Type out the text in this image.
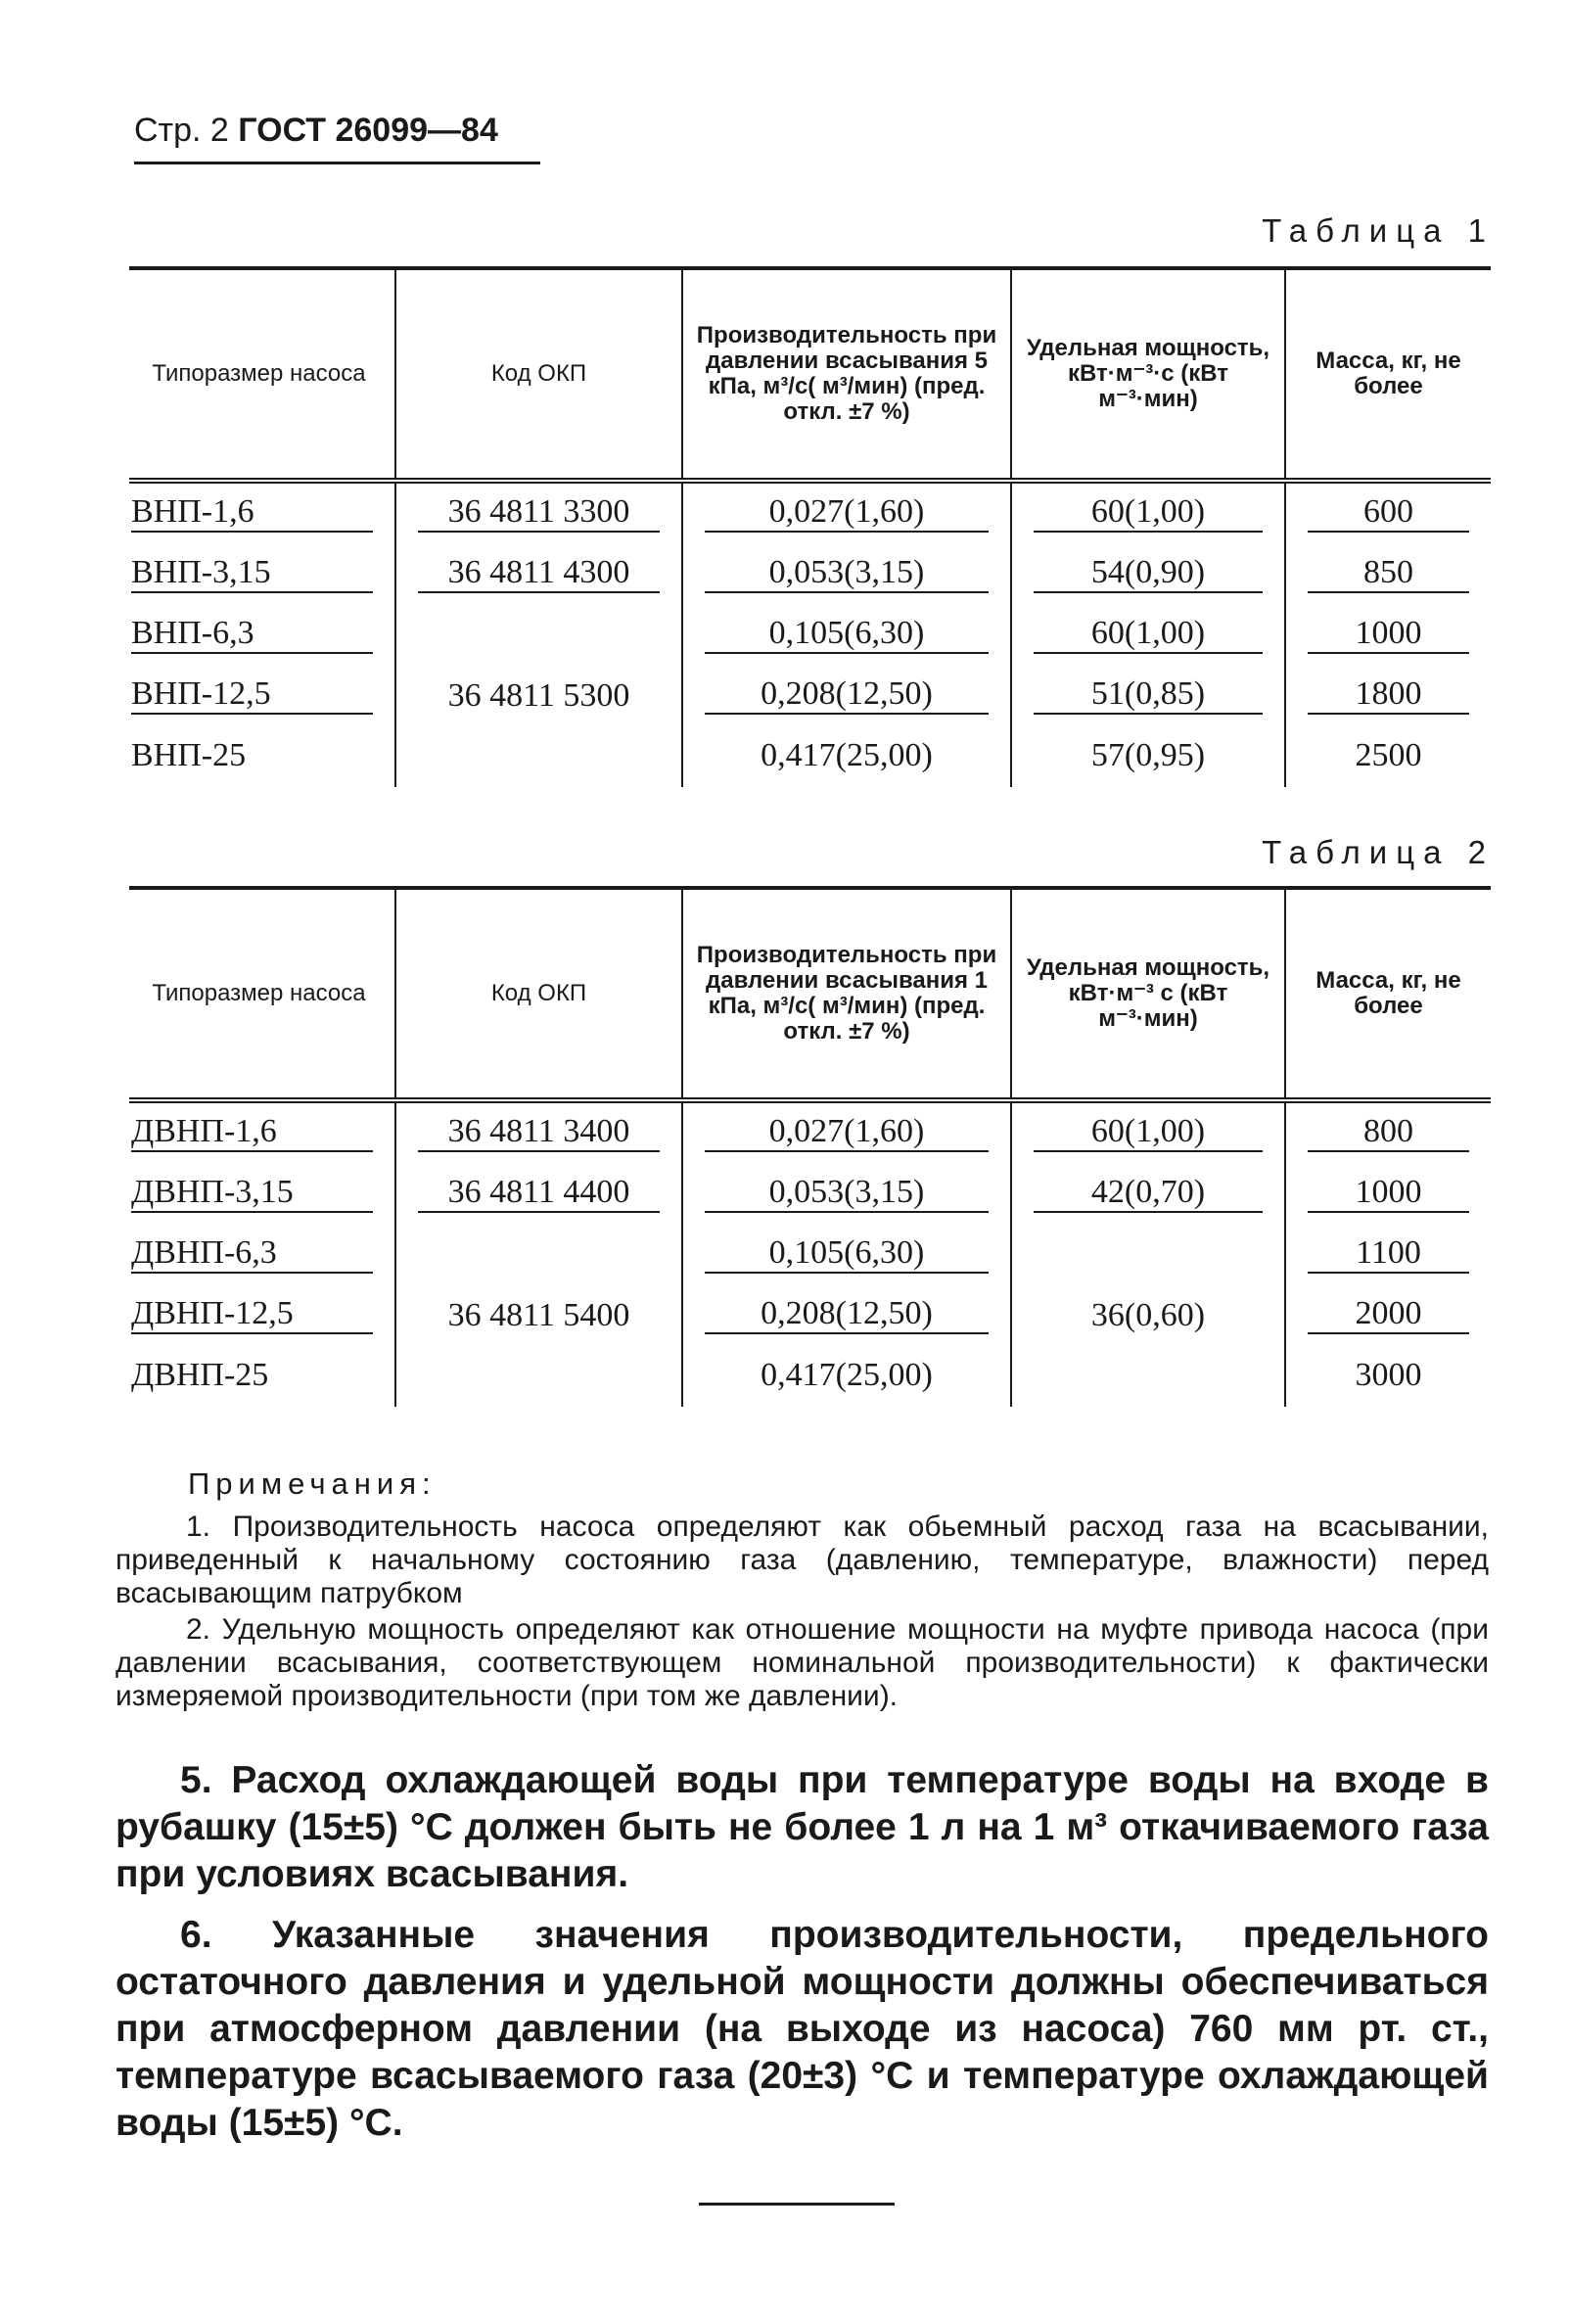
Стр. 2 ГОСТ 26099—84
Таблица 1
Типоразмер насоса	Код ОКП	Производительность при давлении всасывания 5 кПа, м³/с( м³/мин) (пред. откл. ±7 %)	Удельная мощность, кВт·м⁻³·с (кВт м⁻³·мин)	Масса, кг, не более

ВНП-1,6	36 4811 3300	0,027(1,60)	60(1,00)	600

ВНП-3,15	36 4811 4300	0,053(3,15)	54(0,90)	850

ВНП-6,3	36 4811 5300	0,105(6,30)	60(1,00)	1000

ВНП-12,5		0,208(12,50)	51(0,85)	1800

ВНП-25		0,417(25,00)	57(0,95)	2500
Таблица 2
Типоразмер насоса	Код ОКП	Производительность при давлении всасывания 1 кПа, м³/с( м³/мин) (пред. откл. ±7 %)	Удельная мощность, кВт·м⁻³ с (кВт м⁻³·мин)	Масса, кг, не более

ДВНП-1,6	36 4811 3400	0,027(1,60)	60(1,00)	800

ДВНП-3,15	36 4811 4400	0,053(3,15)	42(0,70)	1000

ДВНП-6,3	36 4811 5400	0,105(6,30)	36(0,60)	1100

ДВНП-12,5		0,208(12,50)		2000

ДВНП-25		0,417(25,00)		3000
Примечания:
1. Производительность насоса определяют как обьемный расход газа на всасывании, приведенный к начальному состоянию газа (давлению, температуре, влажности) перед всасывающим патрубком
2. Удельную мощность определяют как отношение мощности на муфте привода насоса (при давлении всасывания, соответствующем номинальной производительности) к фактически измеряемой производительности (при том же давлении).
5. Расход охлаждающей воды при температуре воды на входе в рубашку (15±5) °С должен быть не более 1 л на 1 м³ откачиваемого газа при условиях всасывания.
6. Указанные значения производительности, предельного остаточного давления и удельной мощности должны обеспечиваться при атмосферном давлении (на выходе из насоса) 760 мм рт. ст., температуре всасываемого газа (20±3) °С и температуре охлаждающей воды (15±5) °С.
